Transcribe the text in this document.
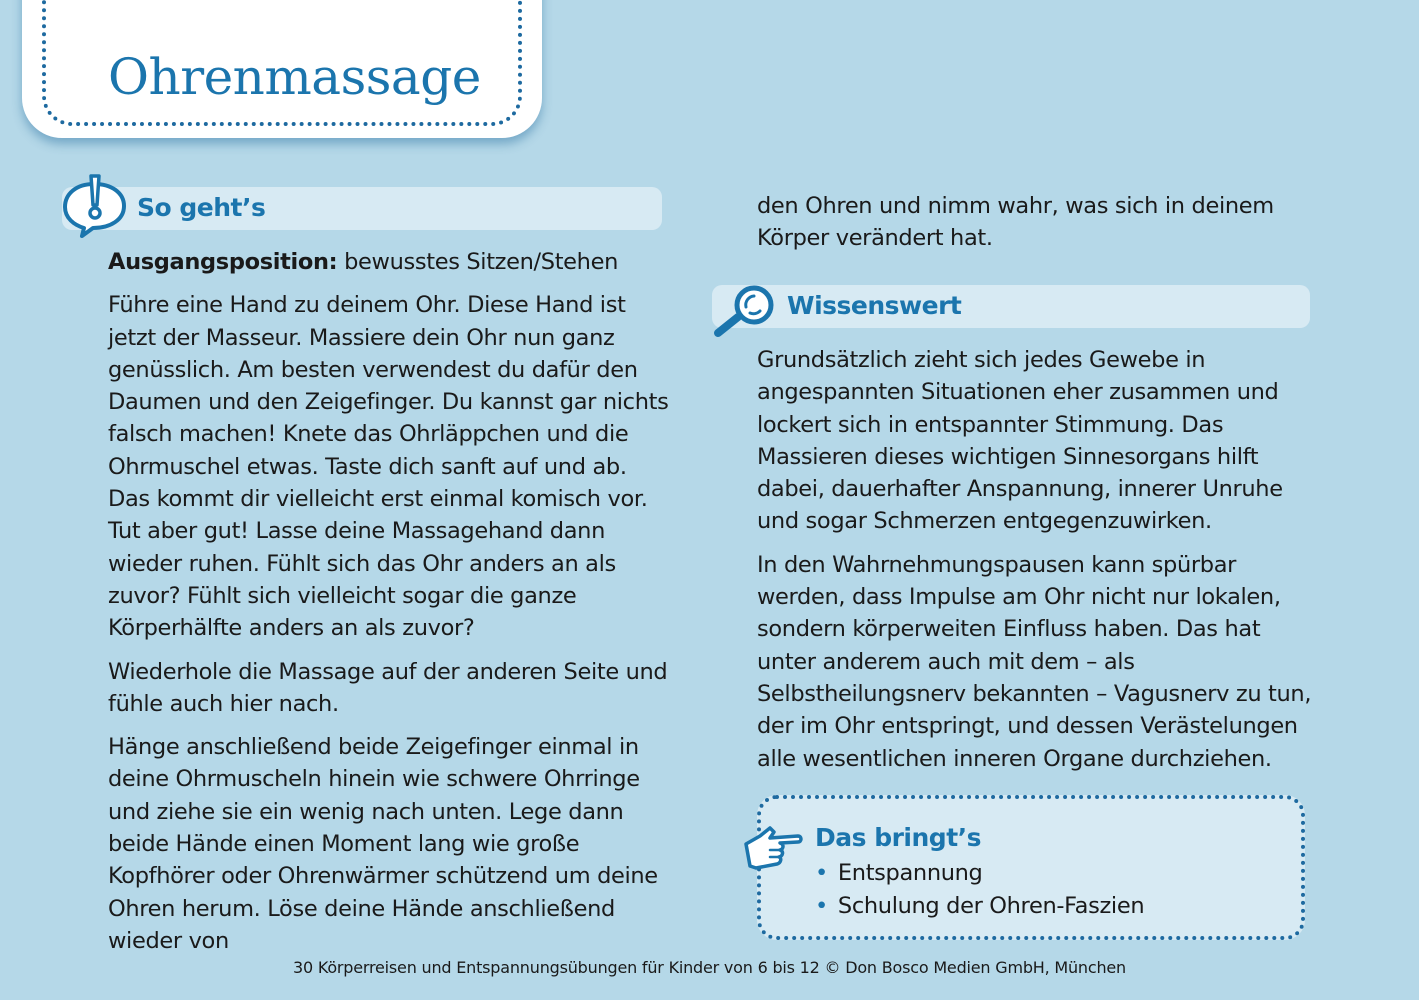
Ohrenmassage
So geht’s

Ausgangsposition: bewusstes Sitzen/Stehen

Führe eine Hand zu deinem Ohr. Diese Hand ist jetzt der Masseur. Massiere dein Ohr nun ganz genüsslich. Am besten verwendest du dafür den Daumen und den Zeigefinger. Du kannst gar nichts falsch machen! Knete das Ohrläppchen und die Ohrmuschel etwas. Taste dich sanft auf und ab. Das kommt dir vielleicht erst einmal komisch vor. Tut aber gut! Lasse deine Massagehand dann wieder ruhen. Fühlt sich das Ohr anders an als zuvor? Fühlt sich vielleicht sogar die ganze Körperhälfte anders an als zuvor?

Wiederhole die Massage auf der anderen Seite und fühle auch hier nach.

Hänge anschließend beide Zeigefinger einmal in deine Ohrmuscheln hinein wie schwere Ohrringe und ziehe sie ein wenig nach unten. Lege dann beide Hände einen Moment lang wie große Kopfhörer oder Ohrenwärmer schützend um deine Ohren herum. Löse deine Hände anschließend wieder von

den Ohren und nimm wahr, was sich in deinem Körper verändert hat.

Wissenswert

Grundsätzlich zieht sich jedes Gewebe in angespannten Situationen eher zusammen und lockert sich in entspannter Stimmung. Das Massieren dieses wichtigen Sinnesorgans hilft dabei, dauerhafter Anspannung, innerer Unruhe und sogar Schmerzen entgegenzuwirken.

In den Wahrnehmungspausen kann spürbar werden, dass Impulse am Ohr nicht nur lokalen, sondern körperweiten Einfluss haben. Das hat unter anderem auch mit dem – als Selbstheilungsnerv bekannten – Vagusnerv zu tun, der im Ohr entspringt, und dessen Verästelungen alle wesentlichen inneren Organe durchziehen.

Das bringt’s
• Entspannung
• Schulung der Ohren-Faszien
30 Körperreisen und Entspannungsübungen für Kinder von 6 bis 12 © Don Bosco Medien GmbH, München
